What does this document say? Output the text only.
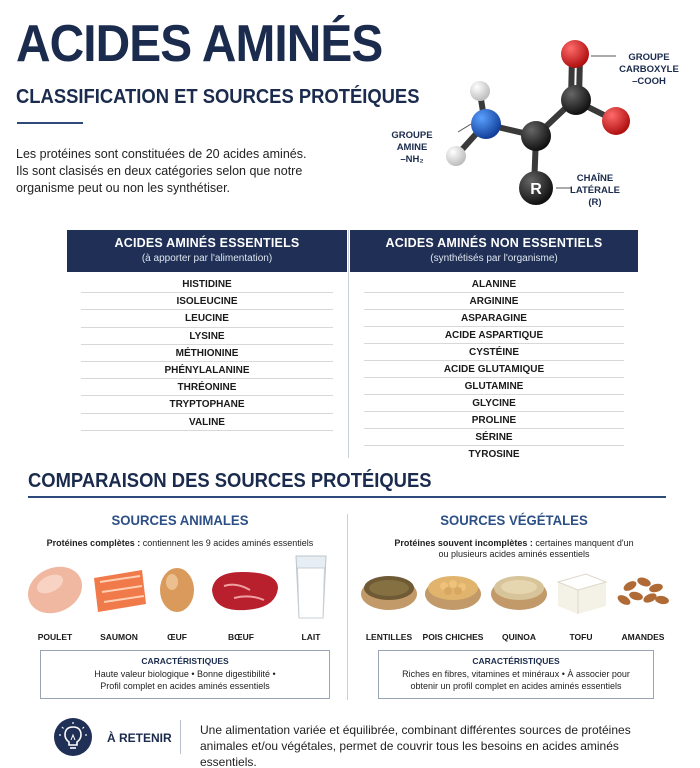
ACIDES AMINÉS
CLASSIFICATION ET SOURCES PROTÉIQUES

Les protéines sont constituées de 20 acides aminés. Ils sont clasisés en deux catégories selon que notre organisme peut ou non les synthétiser.	R
GROUPE
CARBOXYLE
–COOH
GROUPE
AMINE
–NH₂
CHAÎNE
LATÉRALE
(R)
ACIDES AMINÉS ESSENTIELS
(à apporter par l'alimentation)
HISTIDINE
ISOLEUCINE
LEUCINE
LYSINE
MÉTHIONINE
PHÉNYLALANINE
THRÉONINE
TRYPTOPHANE
VALINE
ACIDES AMINÉS NON ESSENTIELS
(synthétisés par l'organisme)
ALANINE
ARGININE
ASPARAGINE
ACIDE ASPARTIQUE
CYSTÉINE
ACIDE GLUTAMIQUE
GLUTAMINE
GLYCINE
PROLINE
SÉRINE
TYROSINE
COMPARAISON DES SOURCES PROTÉIQUES
SOURCES ANIMALES
Protéines complètes : contiennent les 9 acides aminés essentiels
POULET	SAUMON	ŒUF	BŒUF	LAIT
CARACTÉRISTIQUES
Haute valeur biologique • Bonne digestibilité •
Profil complet en acides aminés essentiels
SOURCES VÉGÉTALES
Protéines souvent incomplètes : certaines manquent d'un
ou plusieurs acides aminés essentiels
LENTILLES	POIS CHICHES	QUINOA	TOFU	AMANDES
CARACTÉRISTIQUES
Riches en fibres, vitamines et minéraux • À associer pour
obtenir un profil complet en acides aminés essentiels
À RETENIR

Une alimentation variée et équilibrée, combinant différentes sources de protéines animales et/ou végétales, permet de couvrir tous les besoins en acides aminés essentiels.
